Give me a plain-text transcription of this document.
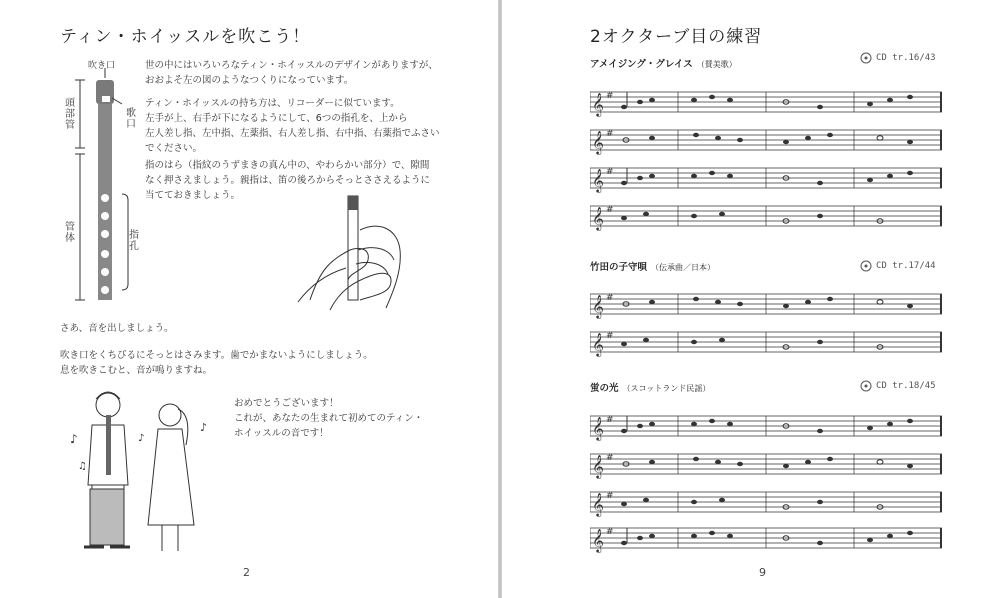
ティン・ホイッスルを吹こう！
吹き口
頭部管
管体
歌口
指孔
世の中にはいろいろなティン・ホイッスルのデザインがありますが、
おおよそ左の図のようなつくりになっています。
ティン・ホイッスルの持ち方は、リコーダーに似ています。
左手が上、右手が下になるようにして、6つの指孔を、上から
左人差し指、左中指、左薬指、右人差し指、右中指、右薬指でふさい
でください。
指のはら（指紋のうずまきの真ん中の、やわらかい部分）で、隙間
なく押さえましょう。親指は、笛の後ろからそっとささえるように
当てておきましょう。
さあ、音を出しましょう。
吹き口をくちびるにそっとはさみます。歯でかまないようにしましょう。
息を吹きこむと、音が鳴りますね。
♪
♫
♪
♪
おめでとうございます！
これが、あなたの生まれて初めてのティン・
ホイッスルの音です！
2
2オクターブ目の練習
アメイジング・グレイス （賛美歌）
CD tr.16/43
竹田の子守唄 （伝承曲／日本）	CD tr.17/44
蛍の光 （スコットランド民謡）	CD tr.18/45
9
